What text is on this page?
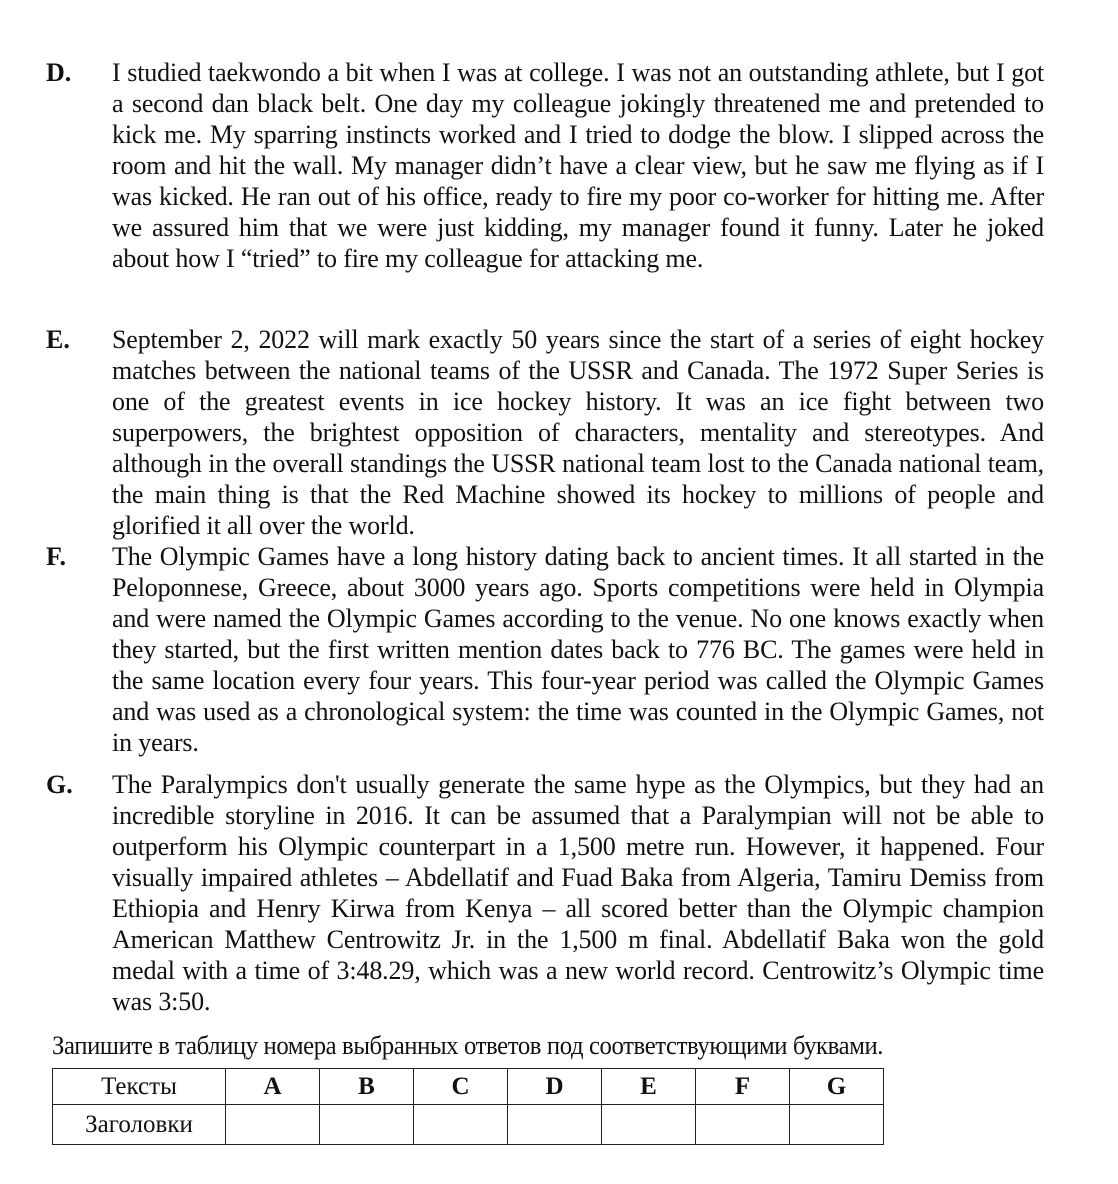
D. I studied taekwondo a bit when I was at college. I was not an outstanding athlete, but I got a second dan black belt. One day my colleague jokingly threatened me and pretended to kick me. My sparring instincts worked and I tried to dodge the blow. I slipped across the room and hit the wall. My manager didn’t have a clear view, but he saw me flying as if I was kicked. He ran out of his office, ready to fire my poor co-worker for hitting me. After we assured him that we were just kidding, my manager found it funny. Later he joked about how I “tried” to fire my colleague for attacking me.
E. September 2, 2022 will mark exactly 50 years since the start of a series of eight hockey matches between the national teams of the USSR and Canada. The 1972 Super Series is one of the greatest events in ice hockey history. It was an ice fight between two superpowers, the brightest opposition of characters, mentality and stereotypes. And although in the overall standings the USSR national team lost to the Canada national team, the main thing is that the Red Machine showed its hockey to millions of people and glorified it all over the world.
F. The Olympic Games have a long history dating back to ancient times. It all started in the Peloponnese, Greece, about 3000 years ago. Sports competitions were held in Olympia and were named the Olympic Games according to the venue. No one knows exactly when they started, but the first written mention dates back to 776 BC. The games were held in the same location every four years. This four-year period was called the Olympic Games and was used as a chronological system: the time was counted in the Olympic Games, not in years.
G. The Paralympics don't usually generate the same hype as the Olympics, but they had an incredible storyline in 2016. It can be assumed that a Paralympian will not be able to outperform his Olympic counterpart in a 1,500 metre run. However, it happened. Four visually impaired athletes – Abdellatif and Fuad Baka from Algeria, Tamiru Demiss from Ethiopia and Henry Kirwa from Kenya – all scored better than the Olympic champion American Matthew Centrowitz Jr. in the 1,500 m final. Abdellatif Baka won the gold medal with a time of 3:48.29, which was a new world record. Centrowitz’s Olympic time was 3:50.
Запишите в таблицу номера выбранных ответов под соответствующими буквами.
Тексты	A	B	C	D	E	F	G
Заголовки							
